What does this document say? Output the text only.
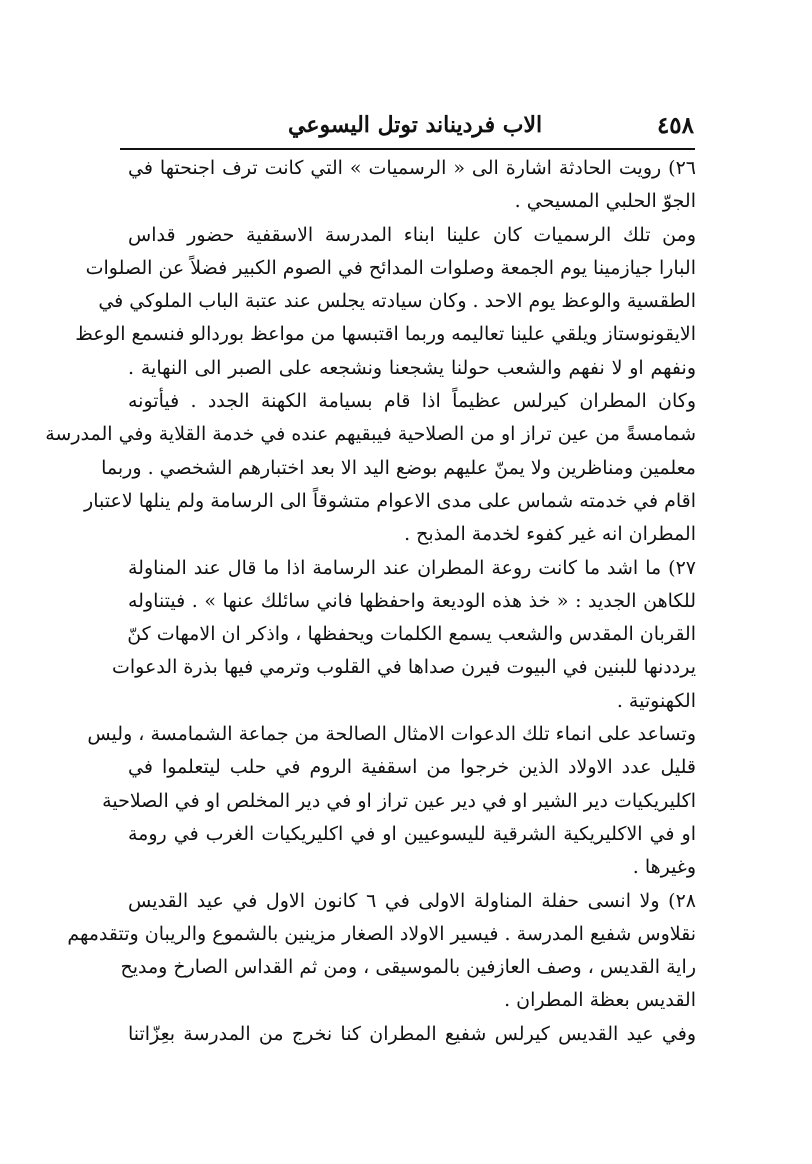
٤٥٨
الاب فرديناند توتل اليسوعي
٢٦) رويت الحادثة اشارة الى « الرسميات » التي كانت ترف اجنحتها في
الجوّ الحلبي المسيحي .
ومن تلك الرسميات كان علينا ابناء المدرسة الاسقفية حضور قداس
البارا جيازمينا يوم الجمعة وصلوات المدائح في الصوم الكبير فضلاً عن الصلوات
الطقسية والوعظ يوم الاحد . وكان سيادته يجلس عند عتبة الباب الملوكي في
الايقونوستاز ويلقي علينا تعاليمه وربما اقتبسها من مواعظ بوردالو فنسمع الوعظ
ونفهم او لا نفهم والشعب حولنا يشجعنا ونشجعه على الصبر الى النهاية .
وكان المطران كيرلس عظيماً اذا قام بسيامة الكهنة الجدد . فيأتونه
شمامسةً من عين تراز او من الصلاحية فيبقيهم عنده في خدمة القلاية وفي المدرسة
معلمين ومناظرين ولا يمنّ عليهم بوضع اليد الا بعد اختبارهم الشخصي . وربما
اقام في خدمته شماس على مدى الاعوام متشوقاً الى الرسامة ولم ينلها لاعتبار
المطران انه غير كفوء لخدمة المذبح .
٢٧) ما اشد ما كانت روعة المطران عند الرسامة اذا ما قال عند المناولة
للكاهن الجديد : « خذ هذه الوديعة واحفظها فاني سائلك عنها » . فيتناوله
القربان المقدس والشعب يسمع الكلمات ويحفظها ، واذكر ان الامهات كنّ
يرددنها للبنين في البيوت فيرن صداها في القلوب وترمي فيها بذرة الدعوات
الكهنوتية .
وتساعد على انماء تلك الدعوات الامثال الصالحة من جماعة الشمامسة ، وليس
قليل عدد الاولاد الذين خرجوا من اسقفية الروم في حلب ليتعلموا في
اكليريكيات دير الشير او في دير عين تراز او في دير المخلص او في الصلاحية
او في الاكليريكية الشرقية لليسوعيين او في اكليريكيات الغرب في رومة
وغيرها .
٢٨) ولا انسى حفلة المناولة الاولى في ٦ كانون الاول في عيد القديس
نقلاوس شفيع المدرسة . فيسير الاولاد الصغار مزينين بالشموع والريبان وتتقدمهم
راية القديس ، وصف العازفين بالموسيقى ، ومن ثم القداس الصارخ ومديح
القديس بعظة المطران .
وفي عيد القديس كيرلس شفيع المطران كنا نخرج من المدرسة بعِزّاتنا
